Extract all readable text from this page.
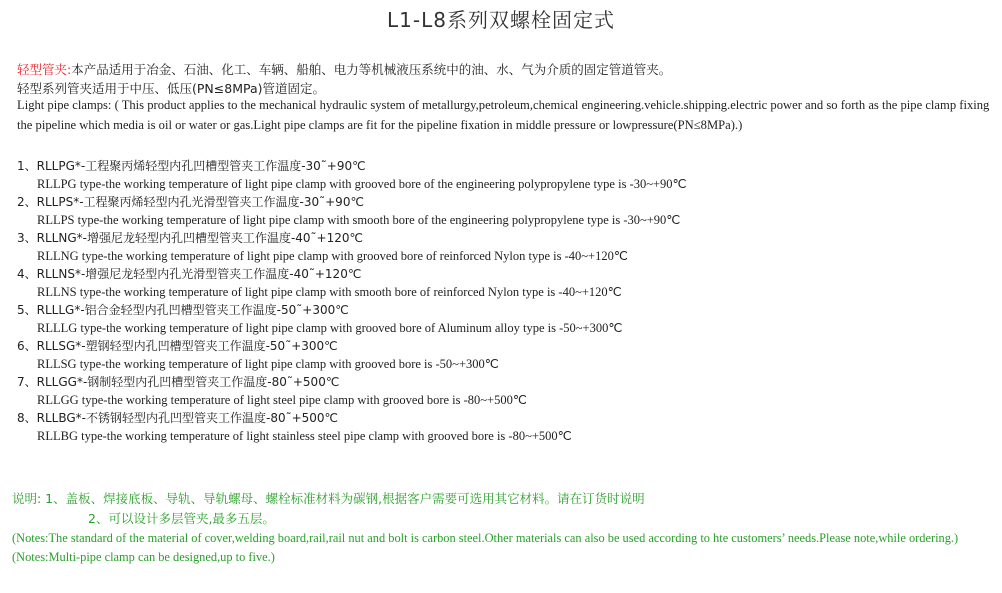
L1-L8系列双螺栓固定式
轻型管夹:本产品适用于冶金、石油、化工、车辆、船舶、电力等机械液压系统中的油、水、气为介质的固定管道管夹。
轻型系列管夹适用于中压、低压(PN≤8MPa)管道固定。
Light pipe clamps: ( This product applies to the mechanical hydraulic system of metallurgy,petroleum,chemical engineering.vehicle.shipping.electric power and so forth as the pipe clamp fixing the pipeline which media is oil or water or gas.Light pipe clamps are fit for the pipeline fixation in middle pressure or lowpressure(PN≤8MPa).)
1、RLLPG*-工程聚丙烯轻型内孔凹槽型管夹工作温度-30˜+90℃
RLLPG type-the working temperature of light pipe clamp with grooved bore of the engineering polypropylene type is -30~+90℃
2、RLLPS*-工程聚丙烯轻型内孔光滑型管夹工作温度-30˜+90℃
RLLPS type-the working temperature of light pipe clamp with smooth bore of the engineering polypropylene type is -30~+90℃
3、RLLNG*-增强尼龙轻型内孔凹槽型管夹工作温度-40˜+120℃
RLLNG type-the working temperature of light pipe clamp with grooved bore of reinforced Nylon type is -40~+120℃
4、RLLNS*-增强尼龙轻型内孔光滑型管夹工作温度-40˜+120℃
RLLNS type-the working temperature of light pipe clamp with smooth bore of reinforced Nylon type is -40~+120℃
5、RLLLG*-铝合金轻型内孔凹槽型管夹工作温度-50˜+300℃
RLLLG type-the working temperature of light pipe clamp with grooved bore of Aluminum alloy type is -50~+300℃
6、RLLSG*-塑钢轻型内孔凹槽型管夹工作温度-50˜+300℃
RLLSG type-the working temperature of light pipe clamp with grooved bore is -50~+300℃
7、RLLGG*-钢制轻型内孔凹槽型管夹工作温度-80˜+500℃
RLLGG type-the working temperature of light steel pipe clamp with grooved bore is -80~+500℃
8、RLLBG*-不锈钢轻型内孔凹型管夹工作温度-80˜+500℃
RLLBG type-the working temperature of light stainless steel pipe clamp with grooved bore is -80~+500℃
说明: 1、盖板、焊接底板、导轨、导轨螺母、螺栓标准材料为碳钢,根据客户需要可选用其它材料。请在订货时说明
2、可以设计多层管夹,最多五层。
(Notes:The standard of the material of cover,welding board,rail,rail nut and bolt is carbon steel.Other materials can also be used according to hte customers’ needs.Please note,while ordering.)
(Notes:Multi-pipe clamp can be designed,up to five.)
